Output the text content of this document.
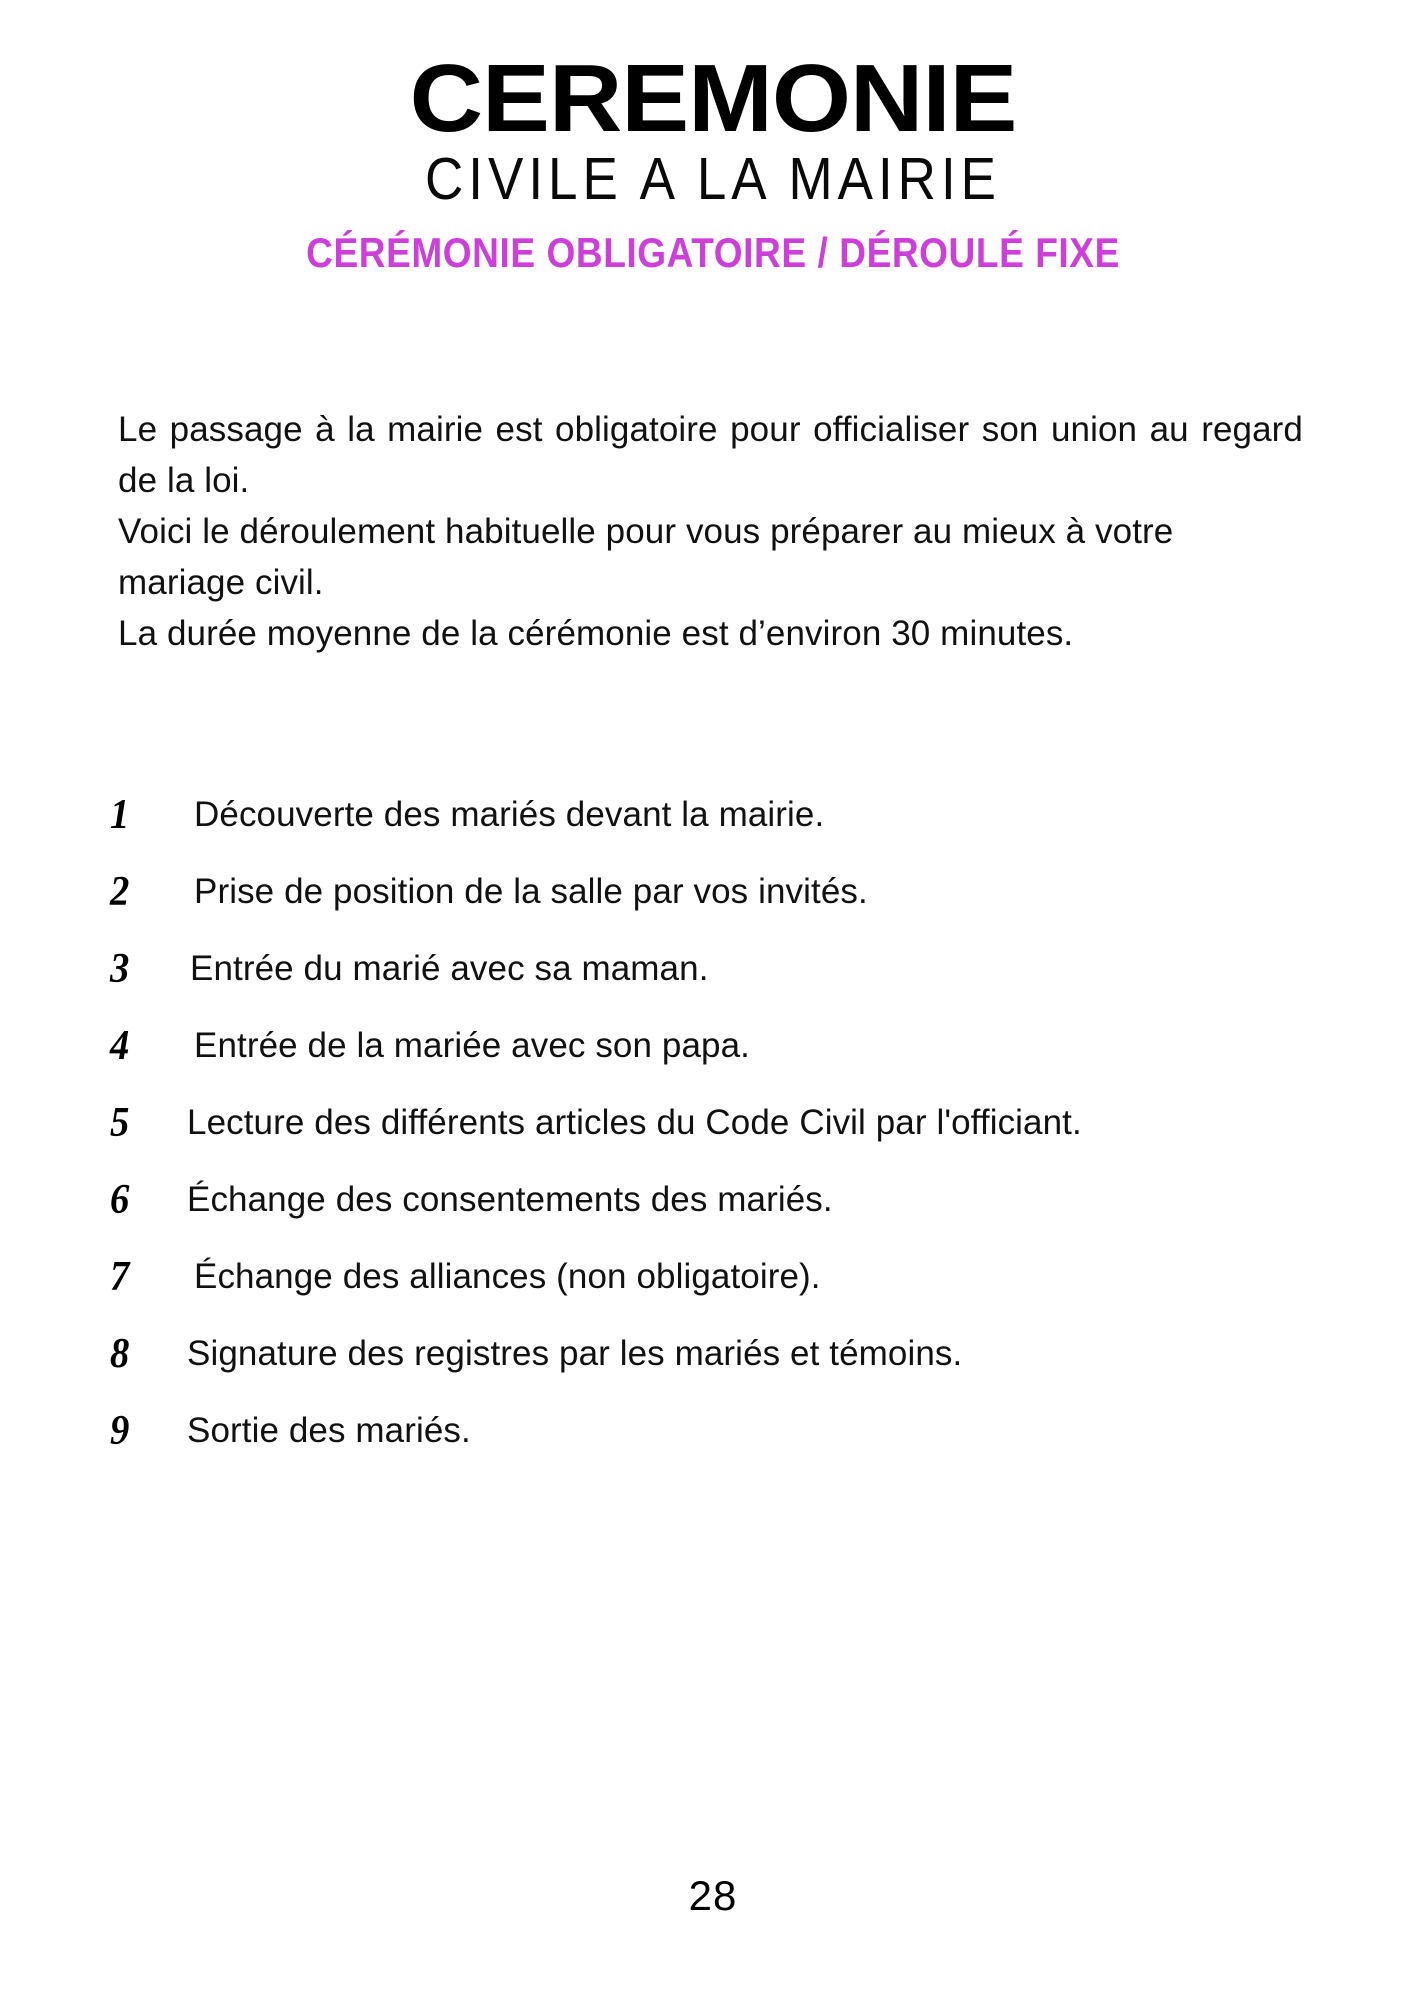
CEREMONIE
CIVILE A LA MAIRIE
CÉRÉMONIE OBLIGATOIRE / DÉROULÉ FIXE

Le passage à la mairie est obligatoire pour officialiser son union au regard de la loi.

Voici le déroulement habituelle pour vous préparer au mieux à votre mariage civil.

La durée moyenne de la cérémonie est d’environ 30 minutes.

1	Découverte des mariés devant la mairie.
2	Prise de position de la salle par vos invités.
3	Entrée du marié avec sa maman.
4	Entrée de la mariée avec son papa.
5	Lecture des différents articles du Code Civil par l'officiant.
6	Échange des consentements des mariés.
7	Échange des alliances (non obligatoire).
8	Signature des registres par les mariés et témoins.
9	Sortie des mariés.
28
